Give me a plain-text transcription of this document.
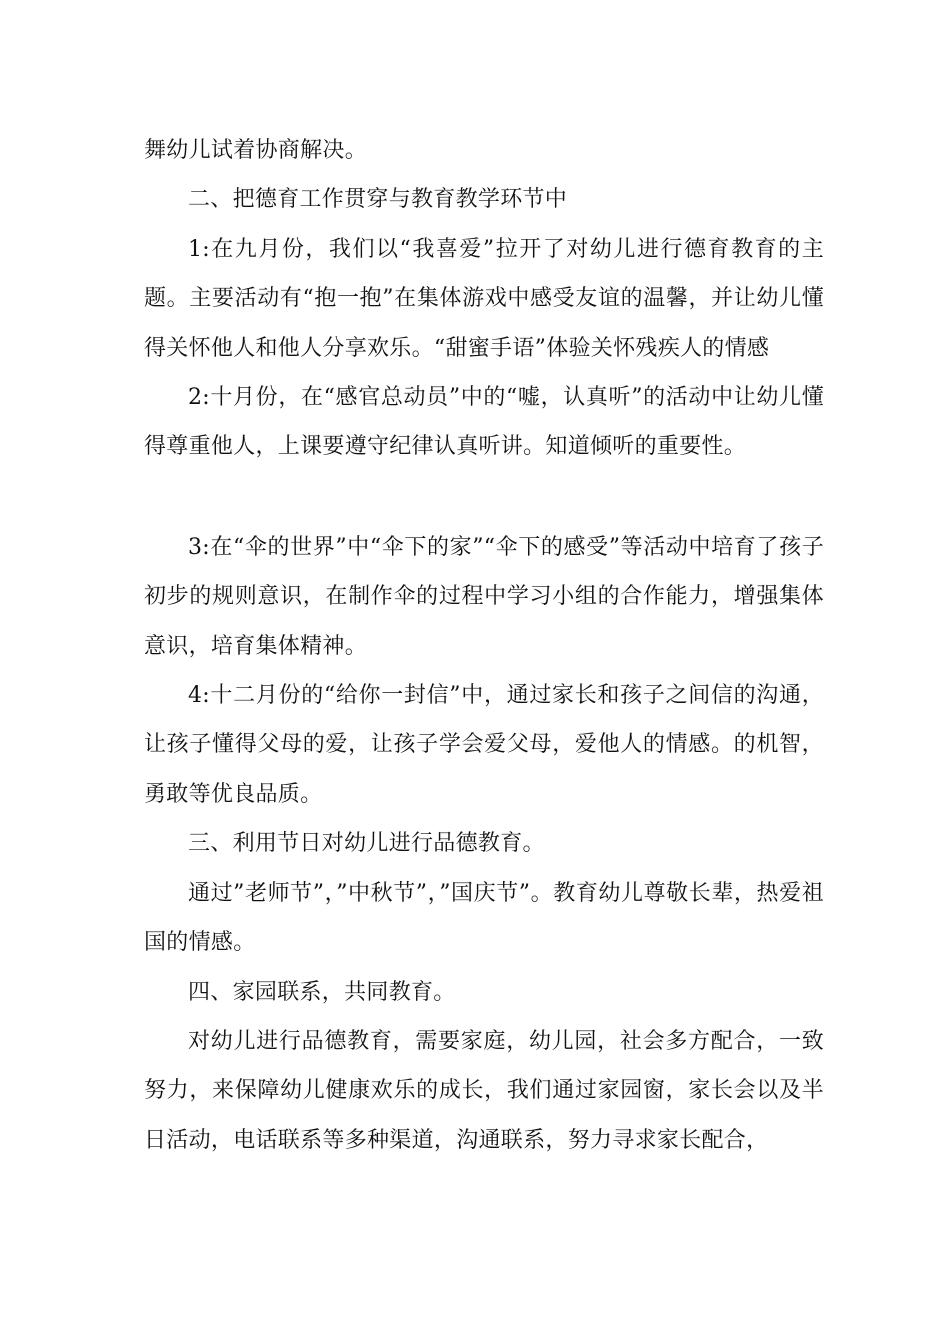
舞幼儿试着协商解决。

二、把德育工作贯穿与教育教学环节中

1:在九月份，我们以“我喜爱”拉开了对幼儿进行德育教育的主题。主要活动有“抱一抱”在集体游戏中感受友谊的温馨，并让幼儿懂得关怀他人和他人分享欢乐。“甜蜜手语”体验关怀残疾人的情感

2:十月份，在“感官总动员”中的“嘘，认真听”的活动中让幼儿懂得尊重他人，上课要遵守纪律认真听讲。知道倾听的重要性。

3:在“伞的世界”中“伞下的家”“伞下的感受”等活动中培育了孩子初步的规则意识，在制作伞的过程中学习小组的合作能力，增强集体意识，培育集体精神。

4:十二月份的“给你一封信”中，通过家长和孩子之间信的沟通，让孩子懂得父母的爱，让孩子学会爱父母，爱他人的情感。的机智，勇敢等优良品质。

三、利用节日对幼儿进行品德教育。

通过”老师节”，”中秋节”，”国庆节”。教育幼儿尊敬长辈，热爱祖国的情感。

四、家园联系，共同教育。

对幼儿进行品德教育，需要家庭，幼儿园，社会多方配合，一致努力，来保障幼儿健康欢乐的成长，我们通过家园窗，家长会以及半日活动，电话联系等多种渠道，沟通联系，努力寻求家长配合，
